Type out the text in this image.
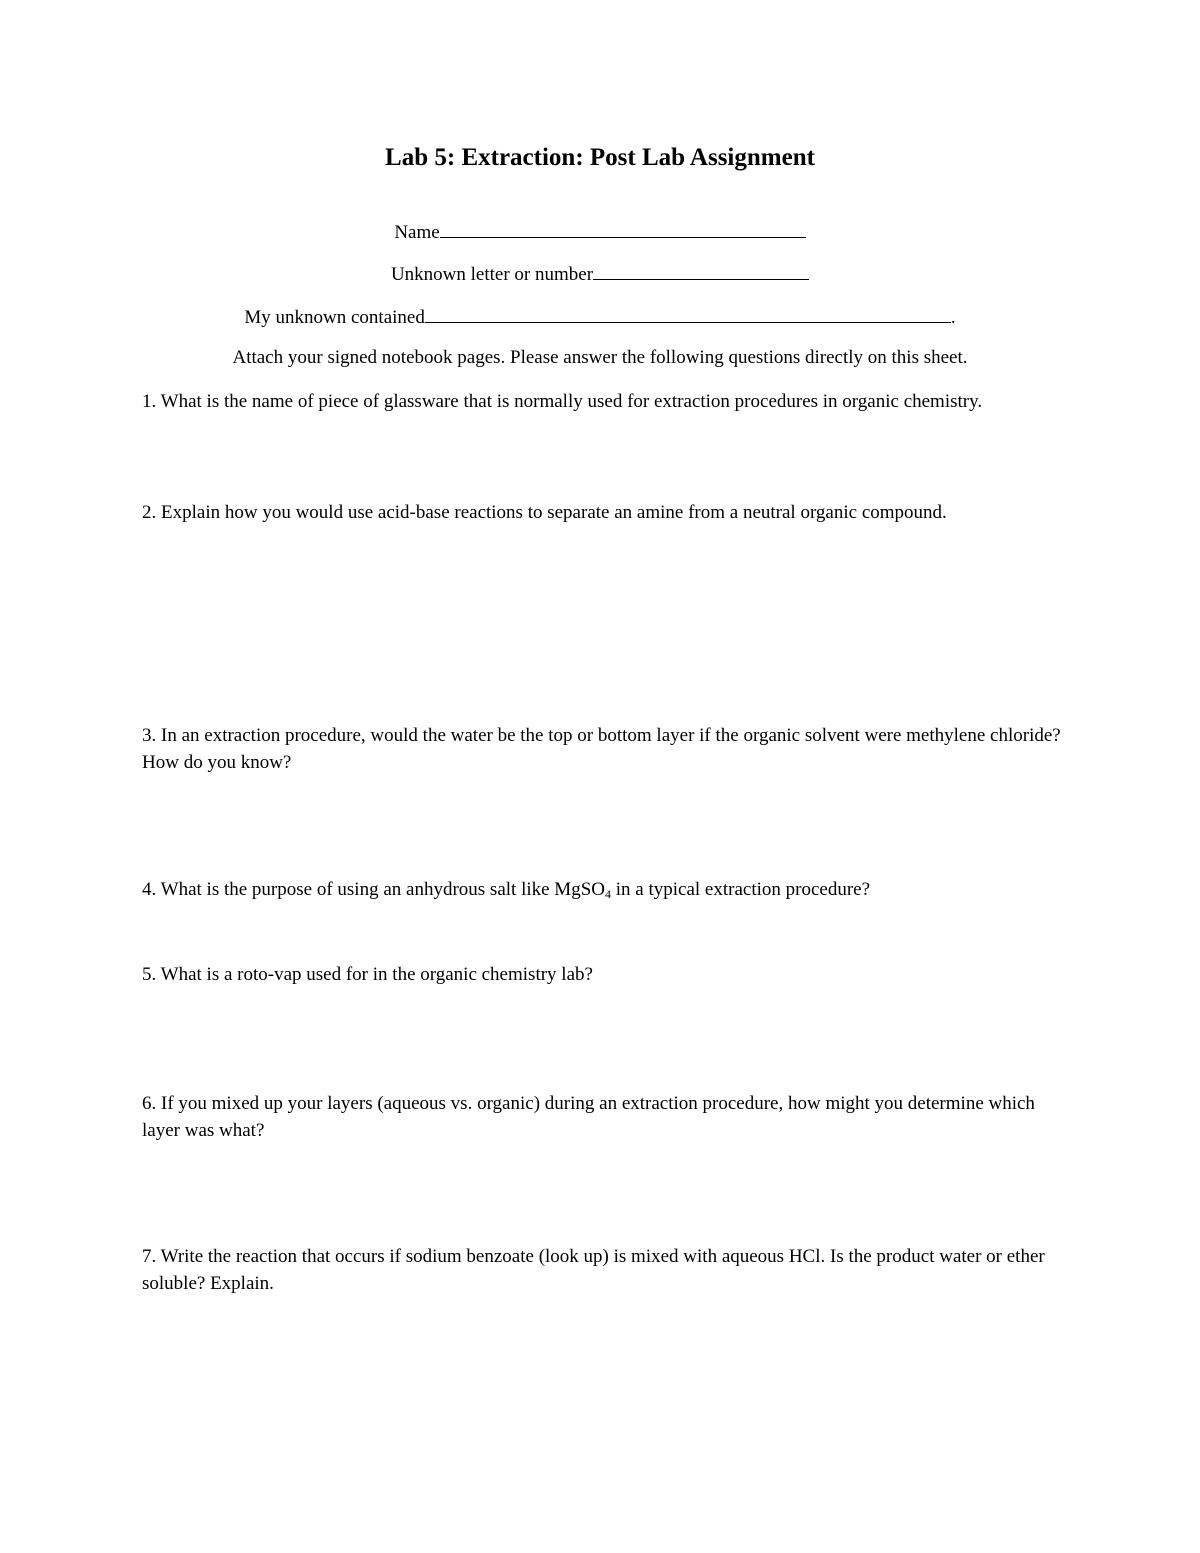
Lab 5: Extraction: Post Lab Assignment
Name
Unknown letter or number
My unknown contained	.
Attach your signed notebook pages. Please answer the following questions directly on this sheet.
1. What is the name of piece of glassware that is normally used for extraction procedures in organic chemistry.
2. Explain how you would use acid-base reactions to separate an amine from a neutral organic compound.
3. In an extraction procedure, would the water be the top or bottom layer if the organic solvent were methylene chloride? How do you know?
4. What is the purpose of using an anhydrous salt like MgSO$_4$ in a typical extraction procedure?
5. What is a roto-vap used for in the organic chemistry lab?
6. If you mixed up your layers (aqueous vs. organic) during an extraction procedure, how might you determine which layer was what?
7. Write the reaction that occurs if sodium benzoate (look up) is mixed with aqueous HCl. Is the product water or ether soluble? Explain.
